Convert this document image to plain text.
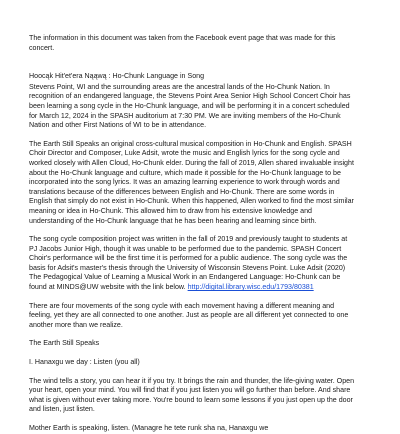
The information in this document was taken from the Facebook event page that was made for this concert.

Hoocąk Hit'et'era Nąąwą : Ho-Chunk Language in Song

Stevens Point, WI and the surrounding areas are the ancestral lands of the Ho-Chunk Nation. In recognition of an endangered language, the Stevens Point Area Senior High School Concert Choir has been learning a song cycle in the Ho-Chunk language, and will be performing it in a concert scheduled for March 12, 2024 in the SPASH auditorium at 7:30 PM. We are inviting members of the Ho-Chunk Nation and other First Nations of WI to be in attendance.

The Earth Still Speaks an original cross-cultural musical composition in Ho-Chunk and English. SPASH Choir Director and Composer, Luke Adsit, wrote the music and English lyrics for the song cycle and worked closely with Allen Cloud, Ho-Chunk elder. During the fall of 2019, Allen shared invaluable insight about the Ho-Chunk language and culture, which made it possible for the Ho-Chunk language to be incorporated into the song lyrics. It was an amazing learning experience to work through words and translations because of the differences between English and Ho-Chunk. There are some words in English that simply do not exist in Ho-Chunk. When this happened, Allen worked to find the most similar meaning or idea in Ho-Chunk. This allowed him to draw from his extensive knowledge and understanding of the Ho-Chunk language that he has been hearing and learning since birth.

The song cycle composition project was written in the fall of 2019 and previously taught to students at PJ Jacobs Junior High, though it was unable to be performed due to the pandemic. SPASH Concert Choir's performance will be the first time it is performed for a public audience. The song cycle was the basis for Adsit's master's thesis through the University of Wisconsin Stevens Point. Luke Adsit (2020) The Pedagogical Value of Learning a Musical Work in an Endangered Language: Ho-Chunk can be found at MINDS@UW website with the link below. http://digital.library.wisc.edu/1793/80381

There are four movements of the song cycle with each movement having a different meaning and feeling, yet they are all connected to one another. Just as people are all different yet connected to one another more than we realize.

The Earth Still Speaks

I. Hanaxgu we day : Listen (you all)

The wind tells a story, you can hear it if you try. It brings the rain and thunder, the life-giving water. Open your heart, open your mind. You will find that if you just listen you will go further than before. And share what is given without ever taking more. You're bound to learn some lessons if you just open up the door and listen, just listen.

Mother Earth is speaking, listen. (Managre he tete runk sha na, Hanaxgu we
